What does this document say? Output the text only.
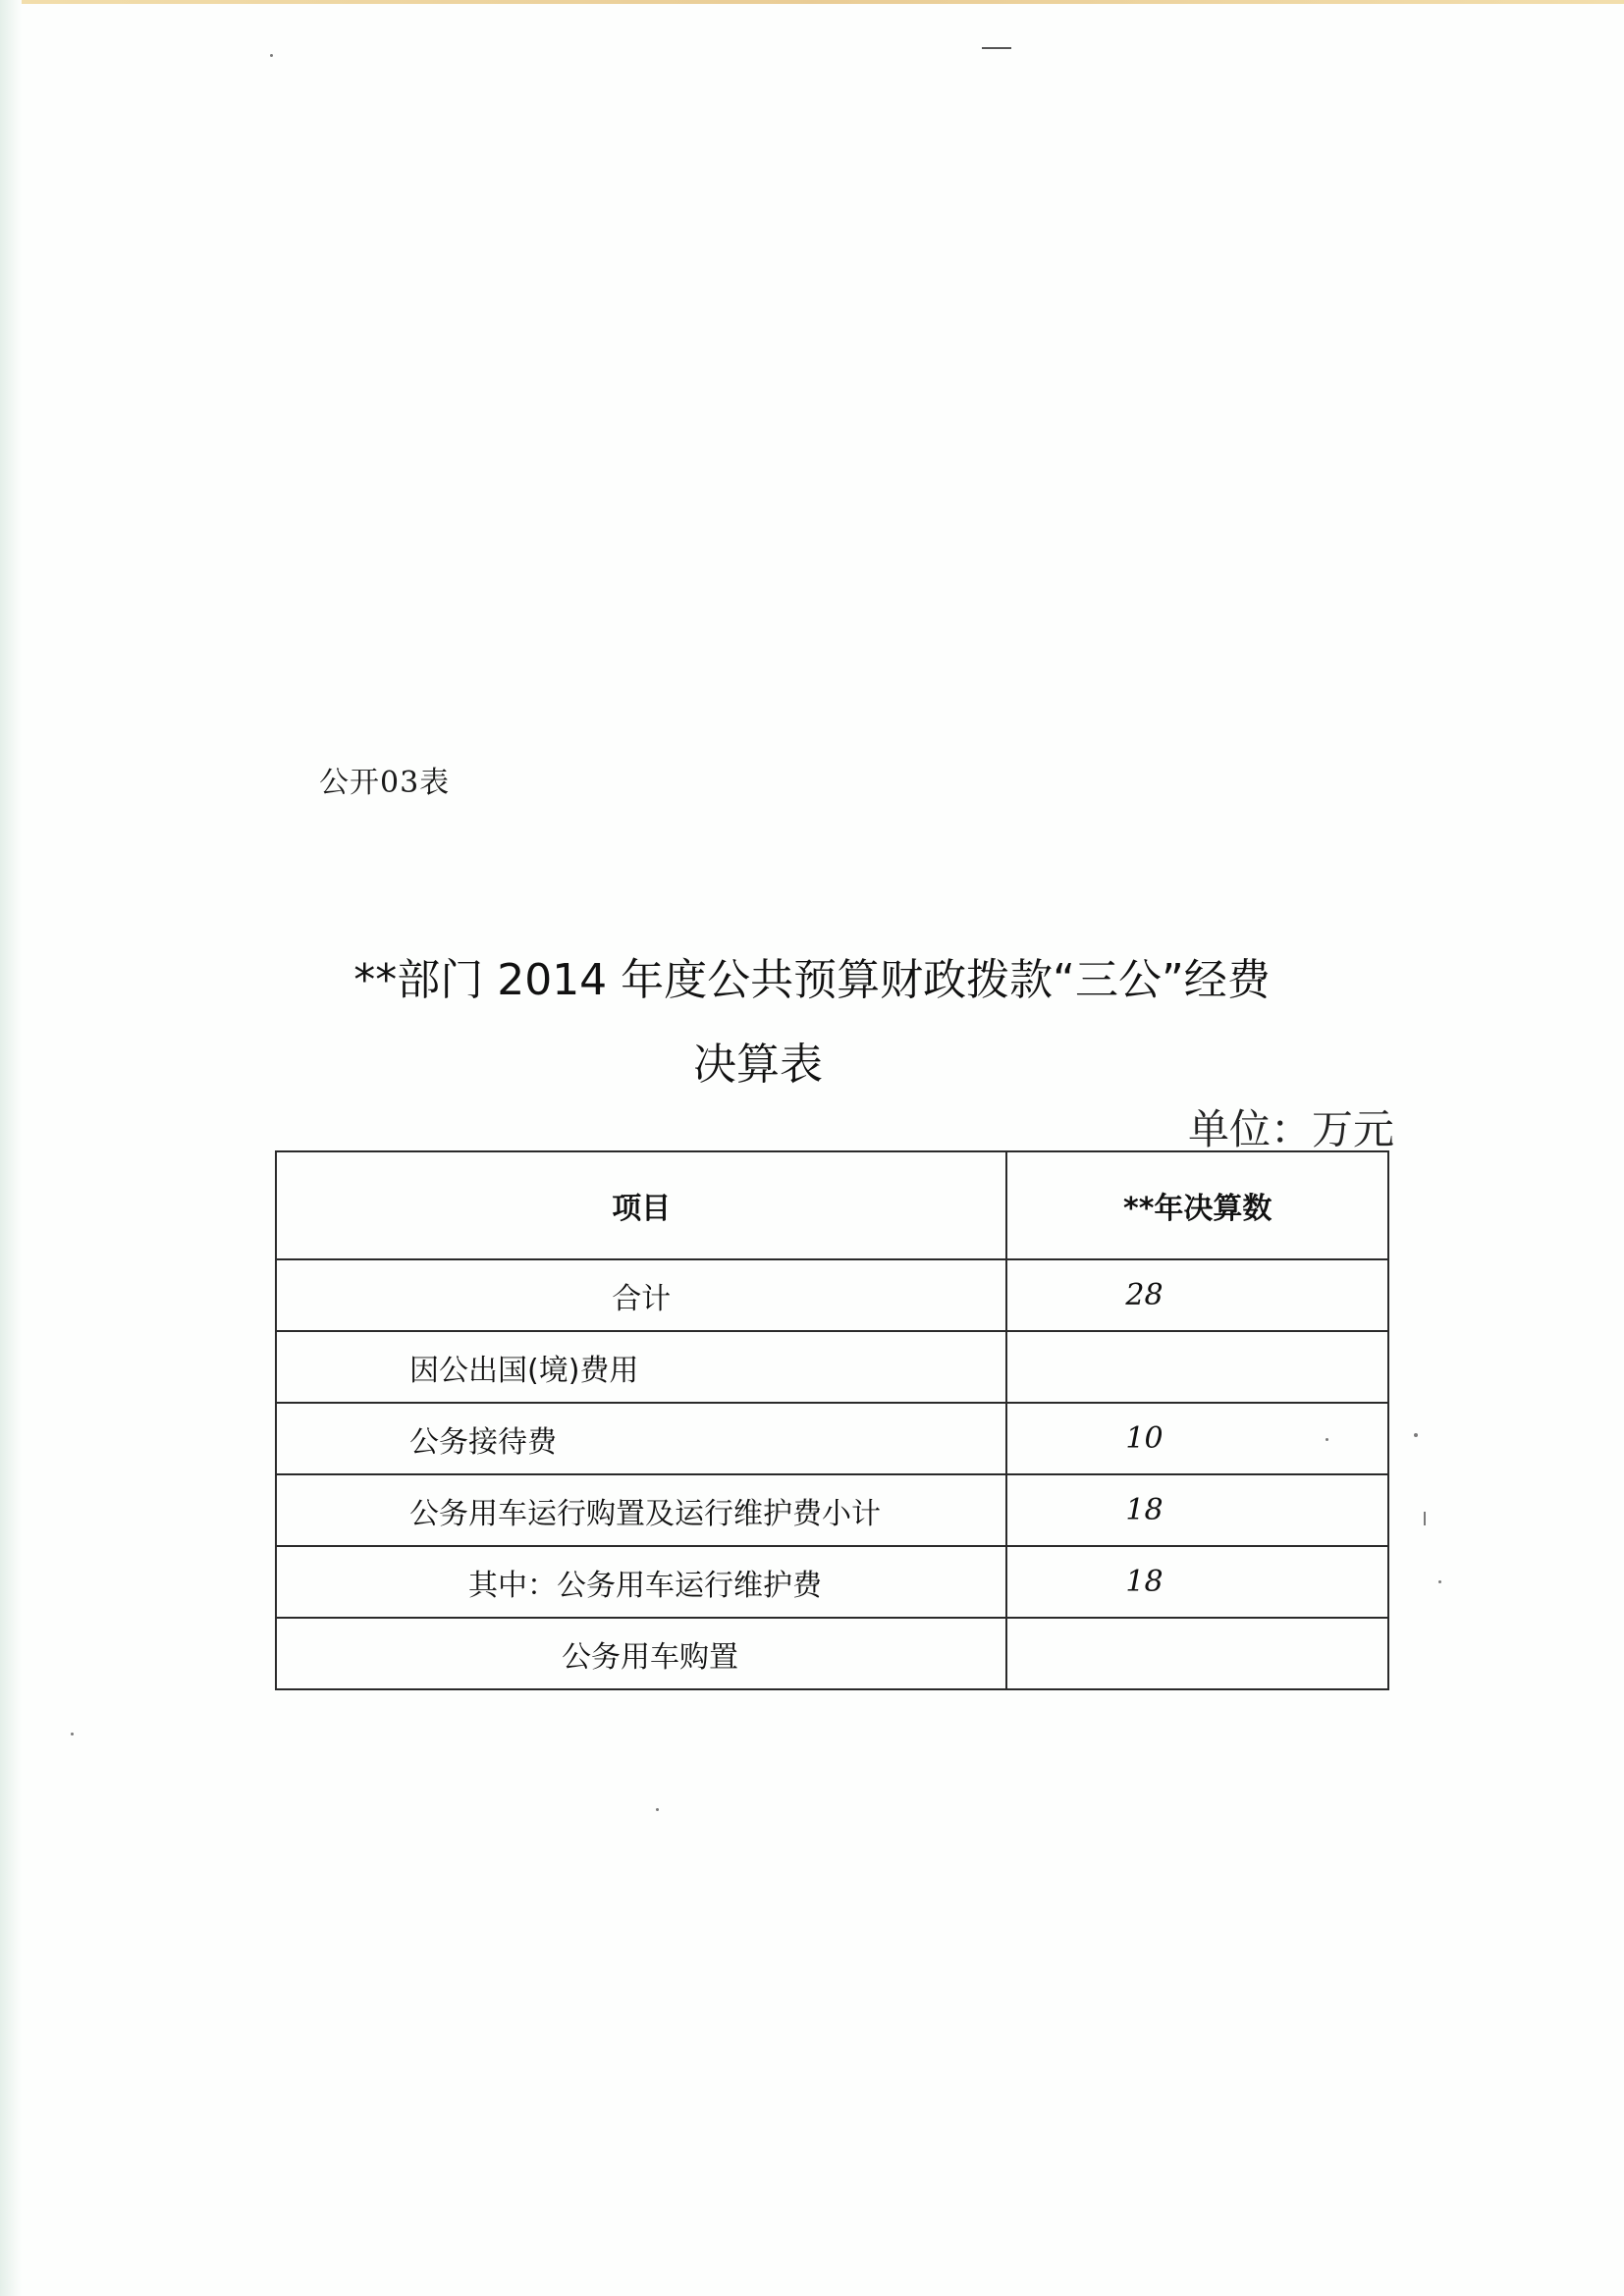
公开03表
**部门 2014 年度公共预算财政拨款“三公”经费
决算表
单位：万元
项目	**年决算数
合计	28
因公出国(境)费用	
公务接待费	10
公务用车运行购置及运行维护费小计	18
其中：公务用车运行维护费	18
公务用车购置	
